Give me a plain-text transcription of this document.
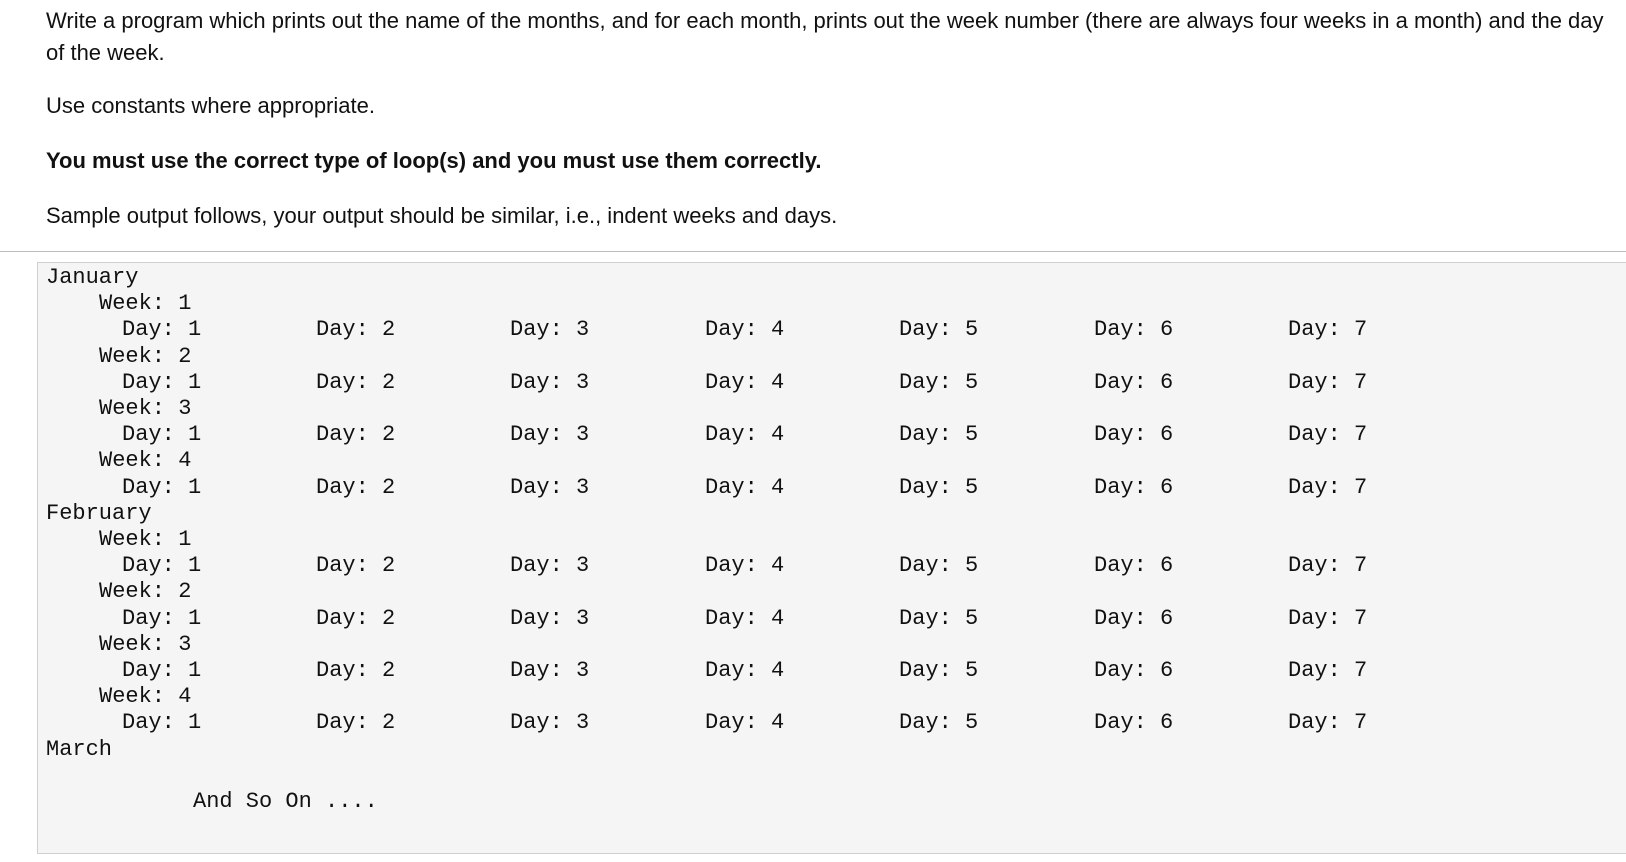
Write a program which prints out the name of the months, and for each month, prints out the week number (there are always four weeks in a month) and the day of the week.

Use constants where appropriate.

You must use the correct type of loop(s) and you must use them correctly.

Sample output follows, your output should be similar, i.e., indent weeks and days.

January
Week: 1
Day: 1	Day: 2	Day: 3	Day: 4	Day: 5	Day: 6	Day: 7
Week: 2
Day: 1	Day: 2	Day: 3	Day: 4	Day: 5	Day: 6	Day: 7
Week: 3
Day: 1	Day: 2	Day: 3	Day: 4	Day: 5	Day: 6	Day: 7
Week: 4
Day: 1	Day: 2	Day: 3	Day: 4	Day: 5	Day: 6	Day: 7
February
Week: 1
Day: 1	Day: 2	Day: 3	Day: 4	Day: 5	Day: 6	Day: 7
Week: 2
Day: 1	Day: 2	Day: 3	Day: 4	Day: 5	Day: 6	Day: 7
Week: 3
Day: 1	Day: 2	Day: 3	Day: 4	Day: 5	Day: 6	Day: 7
Week: 4
Day: 1	Day: 2	Day: 3	Day: 4	Day: 5	Day: 6	Day: 7
March
And So On ....
